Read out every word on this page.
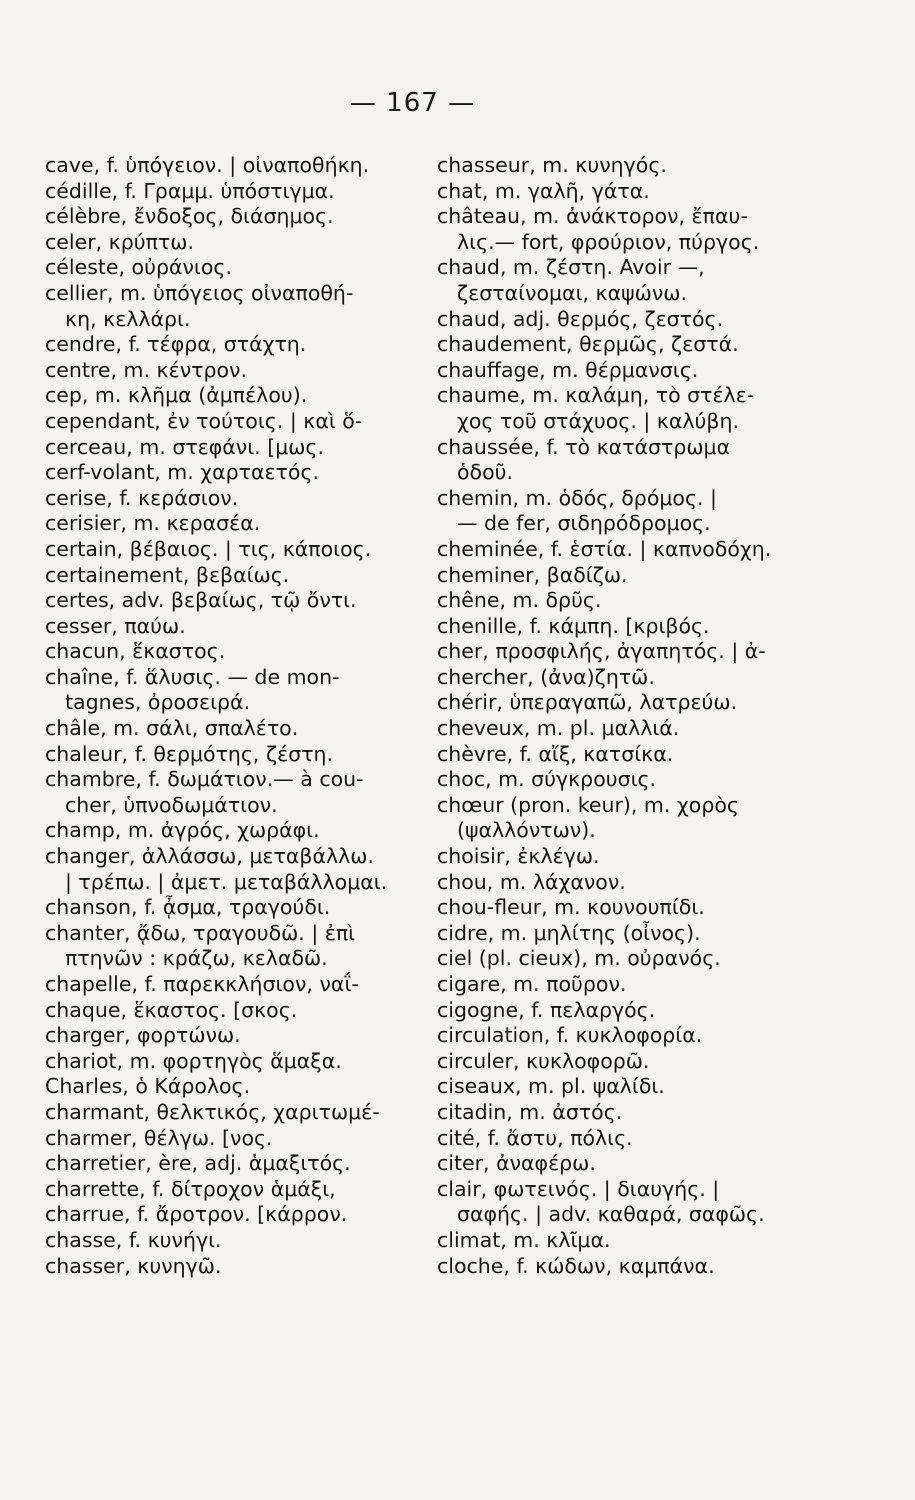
— 167 —
cave, f. ὑπόγειον. | οἰναποθήκη.
cédille, f. Γραμμ. ὑπόστιγμα.
célèbre, ἔνδοξος, διάσημος.
celer, κρύπτω.
céleste, οὐράνιος.
cellier, m. ὑπόγειος οἰναποθή-
κη, κελλάρι.
cendre, f. τέφρα, στάχτη.
centre, m. κέντρον.
cep, m. κλῆμα (ἀμπέλου).
cependant, ἐν τούτοις. | καὶ ὅ-
cerceau, m. στεφάνι. [μως.
cerf-volant, m. χαρταετός.
cerise, f. κεράσιον.
cerisier, m. κερασέα.
certain, βέβαιος. | τις, κάποιος.
certainement, βεβαίως.
certes, adv. βεβαίως, τῷ ὄντι.
cesser, παύω.
chacun, ἕκαστος.
chaîne, f. ἅλυσις. — de mon-
tagnes, ὀροσειρά.
châle, m. σάλι, σπαλέτο.
chaleur, f. θερμότης, ζέστη.
chambre, f. δωμάτιον.— à cou-
cher, ὑπνοδωμάτιον.
champ, m. ἀγρός, χωράφι.
changer, ἀλλάσσω, μεταβάλλω.
| τρέπω. | ἀμετ. μεταβάλλομαι.
chanson, f. ᾆσμα, τραγούδι.
chanter, ᾄδω, τραγουδῶ. | ἐπὶ
πτηνῶν : κράζω, κελαδῶ.
chapelle, f. παρεκκλήσιον, ναΐ-
chaque, ἕκαστος. [σκος.
charger, φορτώνω.
chariot, m. φορτηγὸς ἅμαξα.
Charles, ὁ Κάρολος.
charmant, θελκτικός, χαριτωμέ-
charmer, θέλγω. [νος.
charretier, ère, adj. ἁμαξιτός.
charrette, f. δίτροχον ἁμάξι,
charrue, f. ἄροτρον. [κάρρον.
chasse, f. κυνήγι.
chasser, κυνηγῶ.
chasseur, m. κυνηγός.
chat, m. γαλῆ, γάτα.
château, m. ἀνάκτορον, ἔπαυ-
λις.— fort, φρούριον, πύργος.
chaud, m. ζέστη. Avoir —,
ζεσταίνομαι, καψώνω.
chaud, adj. θερμός, ζεστός.
chaudement, θερμῶς, ζεστά.
chauffage, m. θέρμανσις.
chaume, m. καλάμη, τὸ στέλε-
χος τοῦ στάχυος. | καλύβη.
chaussée, f. τὸ κατάστρωμα
ὁδοῦ.
chemin, m. ὁδός, δρόμος. |
— de fer, σιδηρόδρομος.
cheminée, f. ἑστία. | καπνοδόχη.
cheminer, βαδίζω.
chêne, m. δρῦς.
chenille, f. κάμπη. [κριβός.
cher, προσφιλής, ἀγαπητός. | ἀ-
chercher, (ἀνα)ζητῶ.
chérir, ὑπεραγαπῶ, λατρεύω.
cheveux, m. pl. μαλλιά.
chèvre, f. αἴξ, κατσίκα.
choc, m. σύγκρουσις.
chœur (pron. keur), m. χορὸς
(ψαλλόντων).
choisir, ἐκλέγω.
chou, m. λάχανον.
chou-fleur, m. κουνουπίδι.
cidre, m. μηλίτης (οἶνος).
ciel (pl. cieux), m. οὐρανός.
cigare, m. ποῦρον.
cigogne, f. πελαργός.
circulation, f. κυκλοφορία.
circuler, κυκλοφορῶ.
ciseaux, m. pl. ψαλίδι.
citadin, m. ἀστός.
cité, f. ἄστυ, πόλις.
citer, ἀναφέρω.
clair, φωτεινός. | διαυγής. |
σαφής. | adv. καθαρά, σαφῶς.
climat, m. κλῖμα.
cloche, f. κώδων, καμπάνα.
